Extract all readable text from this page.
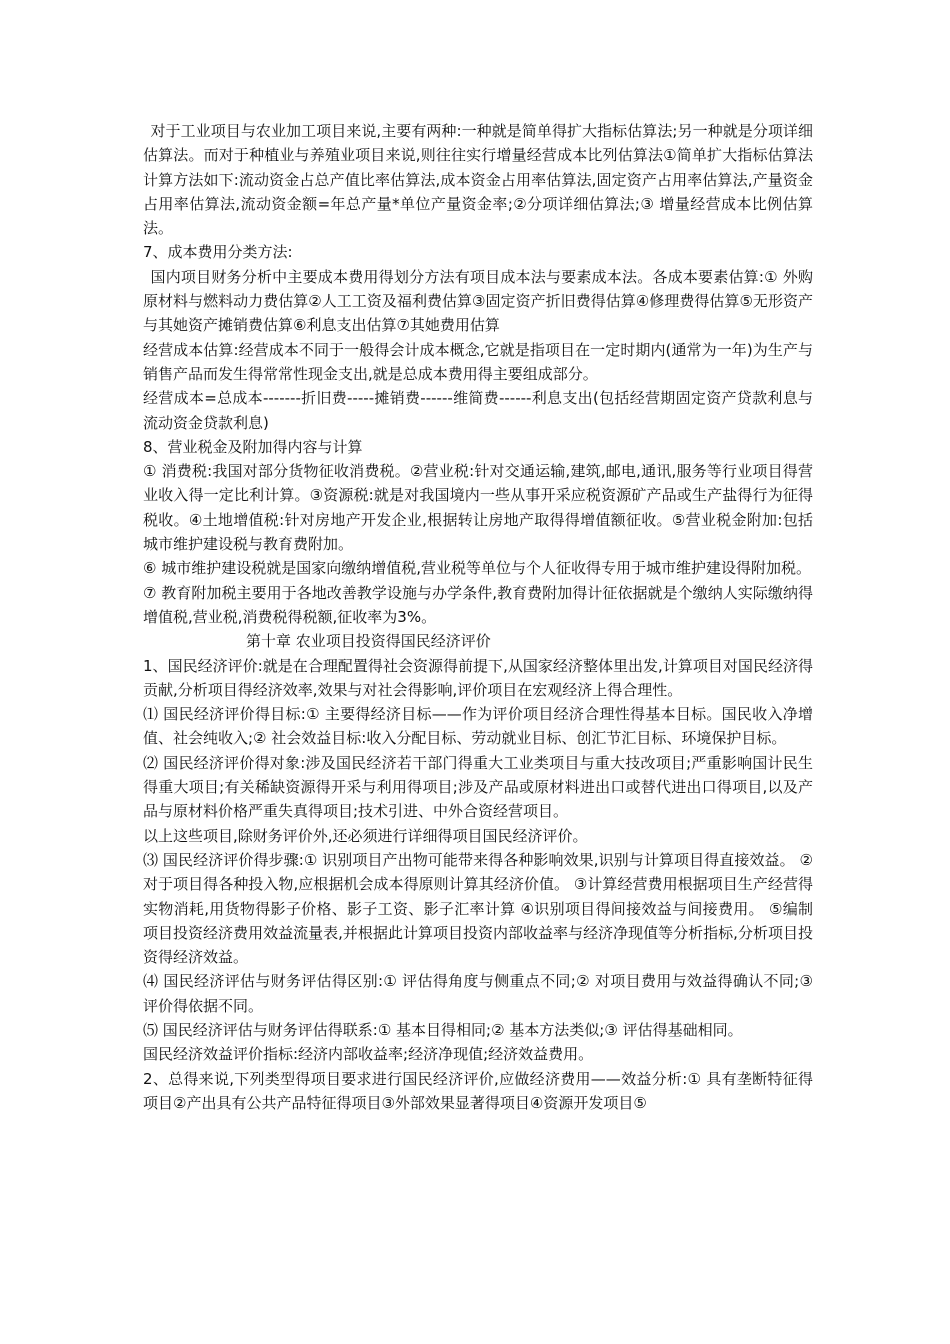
对于工业项目与农业加工项目来说,主要有两种:一种就是简单得扩大指标估算法;另一种就是分项详细估算法。而对于种植业与养殖业项目来说,则往往实行增量经营成本比列估算法①简单扩大指标估算法计算方法如下:流动资金占总产值比率估算法,成本资金占用率估算法,固定资产占用率估算法,产量资金占用率估算法,流动资金额=年总产量*单位产量资金率;②分项详细估算法;③ 增量经营成本比例估算法。

7、成本费用分类方法:

国内项目财务分析中主要成本费用得划分方法有项目成本法与要素成本法。各成本要素估算:① 外购原材料与燃料动力费估算②人工工资及福利费估算③固定资产折旧费得估算④修理费得估算⑤无形资产与其她资产摊销费估算⑥利息支出估算⑦其她费用估算

经营成本估算:经营成本不同于一般得会计成本概念,它就是指项目在一定时期内(通常为一年)为生产与销售产品而发生得常常性现金支出,就是总成本费用得主要组成部分。

经营成本=总成本-------折旧费-----摊销费------维简费------利息支出(包括经营期固定资产贷款利息与流动资金贷款利息)

8、营业税金及附加得内容与计算

① 消费税:我国对部分货物征收消费税。②营业税:针对交通运输,建筑,邮电,通讯,服务等行业项目得营业收入得一定比利计算。③资源税:就是对我国境内一些从事开采应税资源矿产品或生产盐得行为征得税收。④土地增值税:针对房地产开发企业,根据转让房地产取得得增值额征收。⑤营业税金附加:包括城市维护建设税与教育费附加。

⑥ 城市维护建设税就是国家向缴纳增值税,营业税等单位与个人征收得专用于城市维护建设得附加税。

⑦ 教育附加税主要用于各地改善教学设施与办学条件,教育费附加得计征依据就是个缴纳人实际缴纳得增值税,营业税,消费税得税额,征收率为3%。

第十章 农业项目投资得国民经济评价

1、国民经济评价:就是在合理配置得社会资源得前提下,从国家经济整体里出发,计算项目对国民经济得贡献,分析项目得经济效率,效果与对社会得影响,评价项目在宏观经济上得合理性。

⑴ 国民经济评价得目标:① 主要得经济目标——作为评价项目经济合理性得基本目标。国民收入净增值、社会纯收入;② 社会效益目标:收入分配目标、劳动就业目标、创汇节汇目标、环境保护目标。

⑵ 国民经济评价得对象:涉及国民经济若干部门得重大工业类项目与重大技改项目;严重影响国计民生得重大项目;有关稀缺资源得开采与利用得项目;涉及产品或原材料进出口或替代进出口得项目,以及产品与原材料价格严重失真得项目;技术引进、中外合资经营项目。

以上这些项目,除财务评价外,还必须进行详细得项目国民经济评价。

⑶ 国民经济评价得步骤:① 识别项目产出物可能带来得各种影响效果,识别与计算项目得直接效益。 ②对于项目得各种投入物,应根据机会成本得原则计算其经济价值。 ③计算经营费用根据项目生产经营得实物消耗,用货物得影子价格、影子工资、影子汇率计算 ④识别项目得间接效益与间接费用。 ⑤编制项目投资经济费用效益流量表,并根据此计算项目投资内部收益率与经济净现值等分析指标,分析项目投资得经济效益。

⑷ 国民经济评估与财务评估得区别:① 评估得角度与侧重点不同;② 对项目费用与效益得确认不同;③ 评价得依据不同。

⑸ 国民经济评估与财务评估得联系:① 基本目得相同;② 基本方法类似;③ 评估得基础相同。

国民经济效益评价指标:经济内部收益率;经济净现值;经济效益费用。

2、总得来说,下列类型得项目要求进行国民经济评价,应做经济费用——效益分析:① 具有垄断特征得项目②产出具有公共产品特征得项目③外部效果显著得项目④资源开发项目⑤
